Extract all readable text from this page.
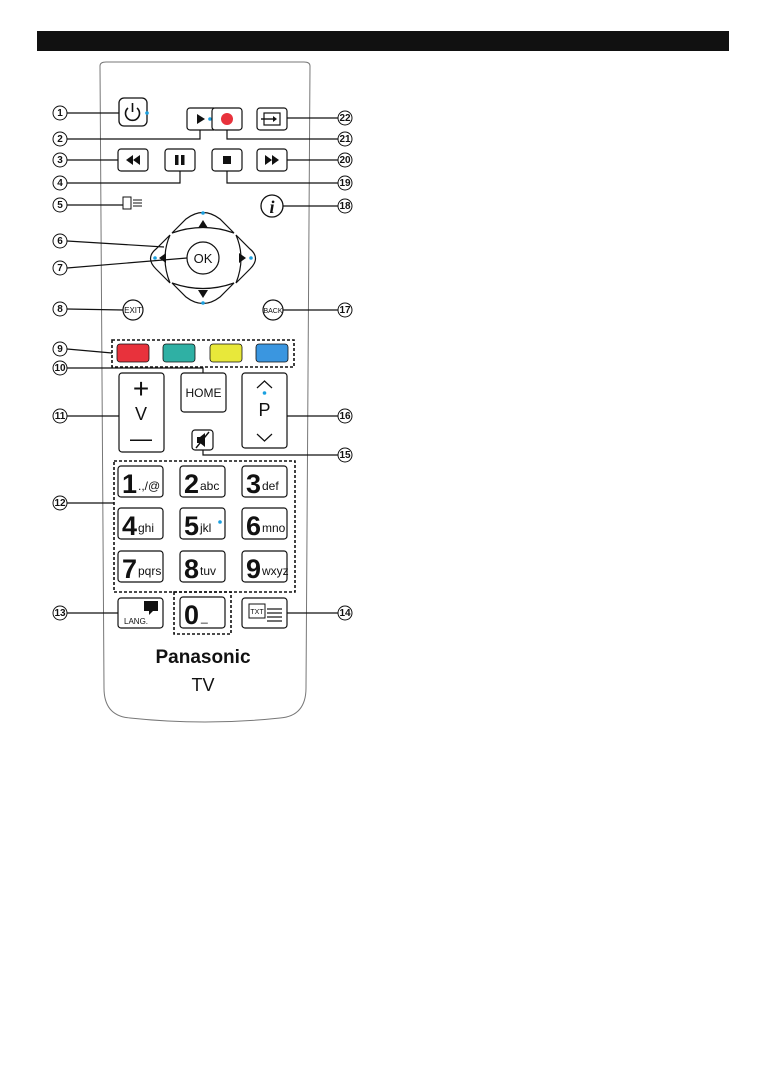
i
OK
EXIT	BACK
+
V
—
HOME
P
1 .,/@ 2 abc 3 def
4 ghi 5 jkl 6 mno
7 pqrs 8 tuv 9 wxyz
0 _
LANG.
TXT
Panasonic
TV
1
2
3
4
5
6
7
8
9
10
11
12
13	14
15
16
17
18
19
20
21
22
